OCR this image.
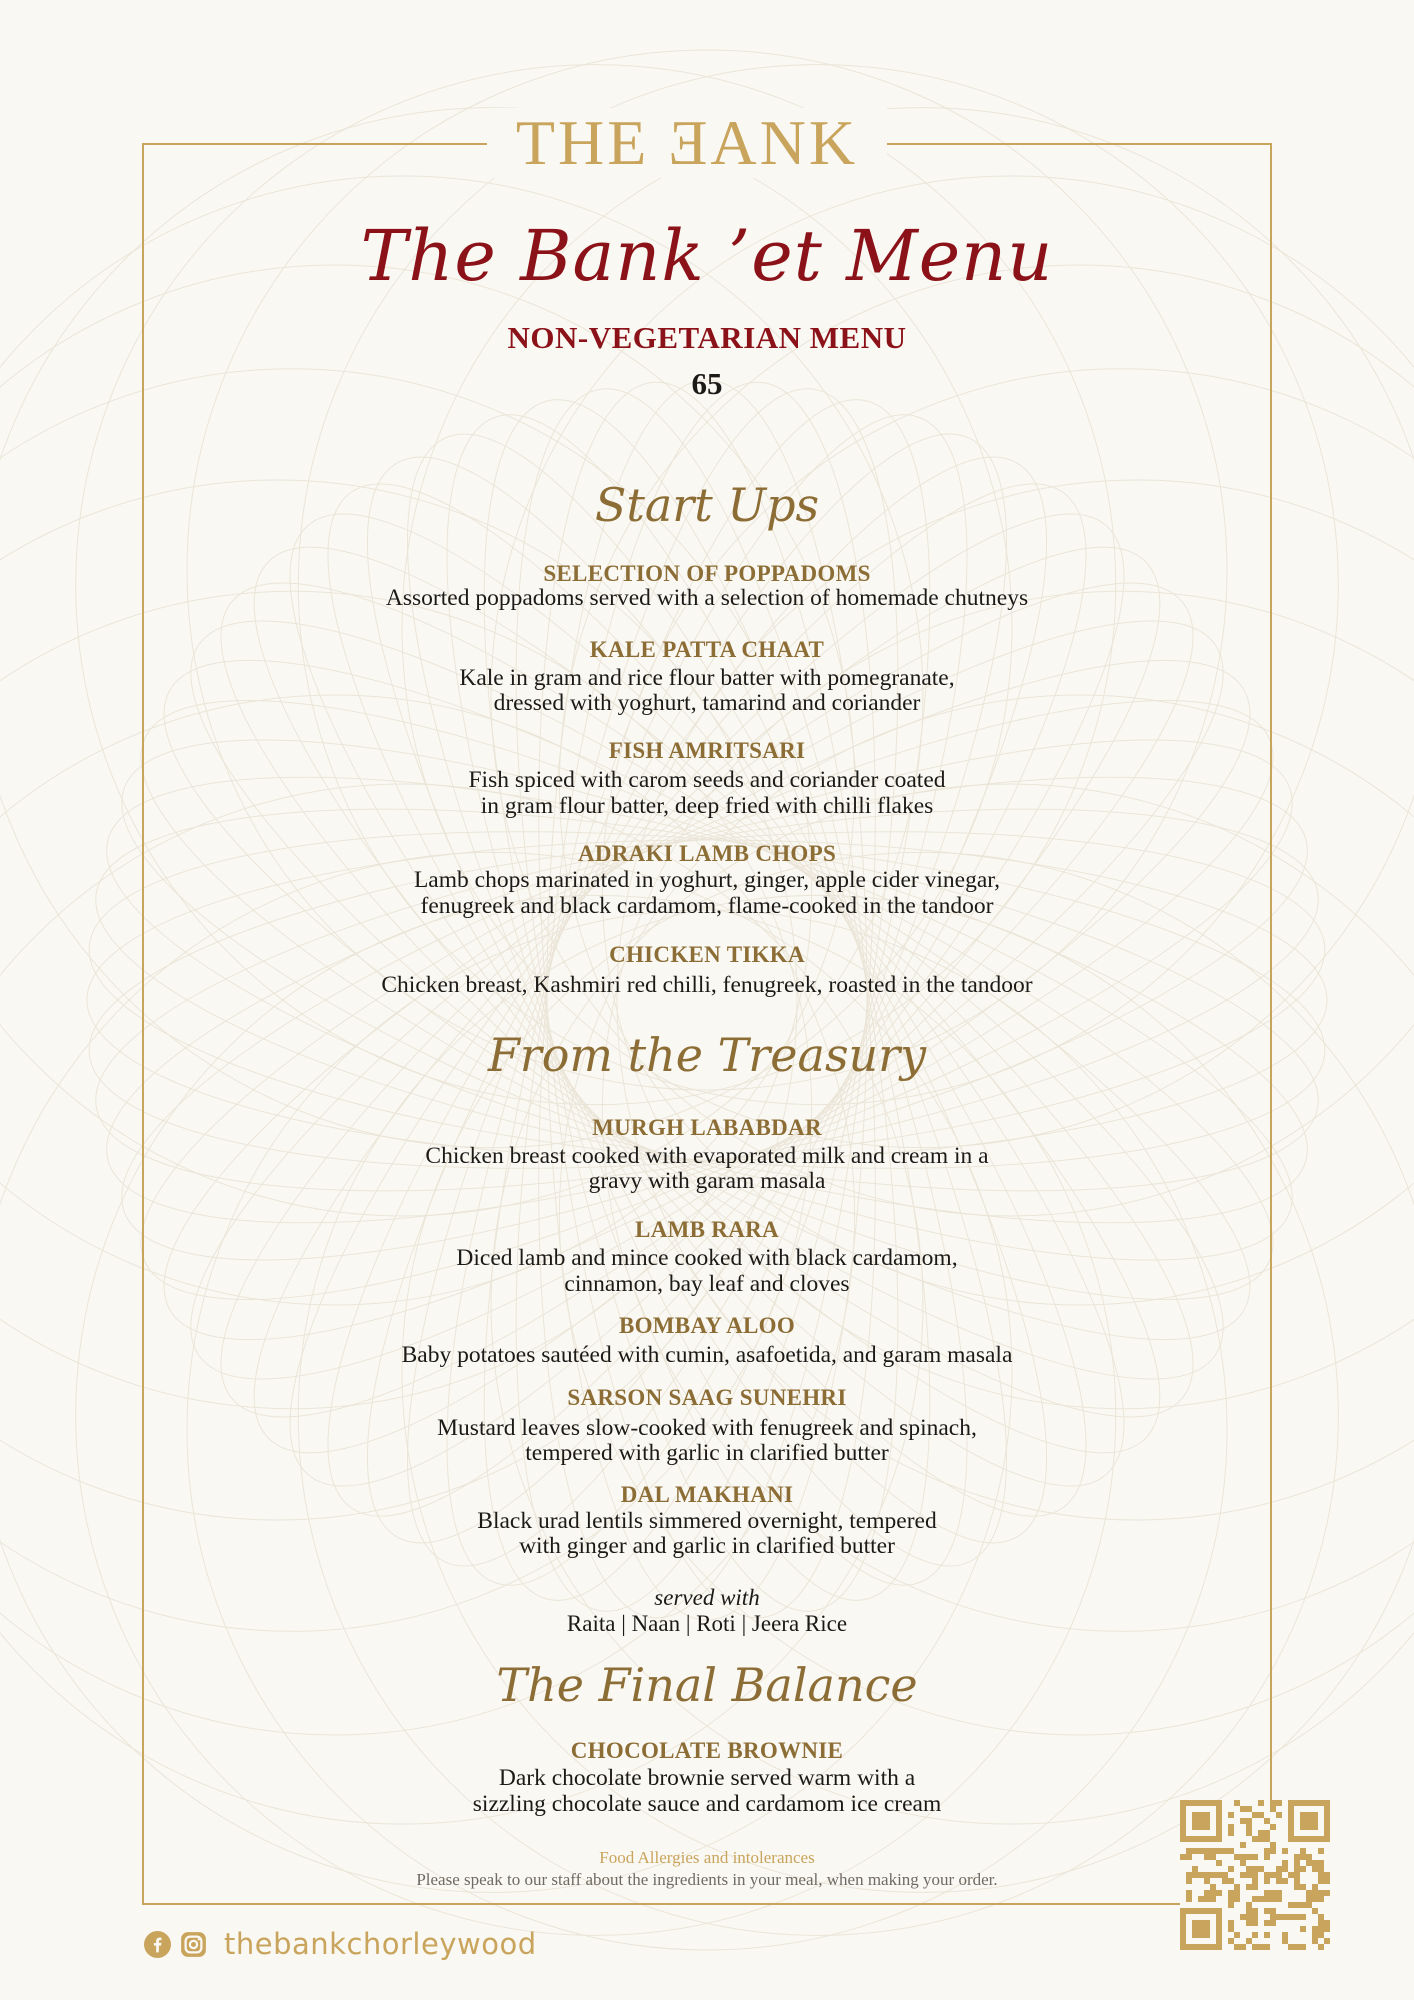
THE ƎANK
The Bank ’et Menu
NON-VEGETARIAN MENU
65
Start Ups
SELECTION OF POPPADOMS
Assorted poppadoms served with a selection of homemade chutneys
KALE PATTA CHAAT
Kale in gram and rice flour batter with pomegranate,
dressed with yoghurt, tamarind and coriander
FISH AMRITSARI
Fish spiced with carom seeds and coriander coated
in gram flour batter, deep fried with chilli flakes
ADRAKI LAMB CHOPS
Lamb chops marinated in yoghurt, ginger, apple cider vinegar,
fenugreek and black cardamom, flame-cooked in the tandoor
CHICKEN TIKKA
Chicken breast, Kashmiri red chilli, fenugreek, roasted in the tandoor
From the Treasury
MURGH LABABDAR
Chicken breast cooked with evaporated milk and cream in a
gravy with garam masala
LAMB RARA
Diced lamb and mince cooked with black cardamom,
cinnamon, bay leaf and cloves
BOMBAY ALOO
Baby potatoes sautéed with cumin, asafoetida, and garam masala
SARSON SAAG SUNEHRI
Mustard leaves slow-cooked with fenugreek and spinach,
tempered with garlic in clarified butter
DAL MAKHANI
Black urad lentils simmered overnight, tempered
with ginger and garlic in clarified butter
served with
Raita | Naan | Roti | Jeera Rice
The Final Balance
CHOCOLATE BROWNIE
Dark chocolate brownie served warm with a
sizzling chocolate sauce and cardamom ice cream
Food Allergies and intolerances
Please speak to our staff about the ingredients in your meal, when making your order.
thebankchorleywood
